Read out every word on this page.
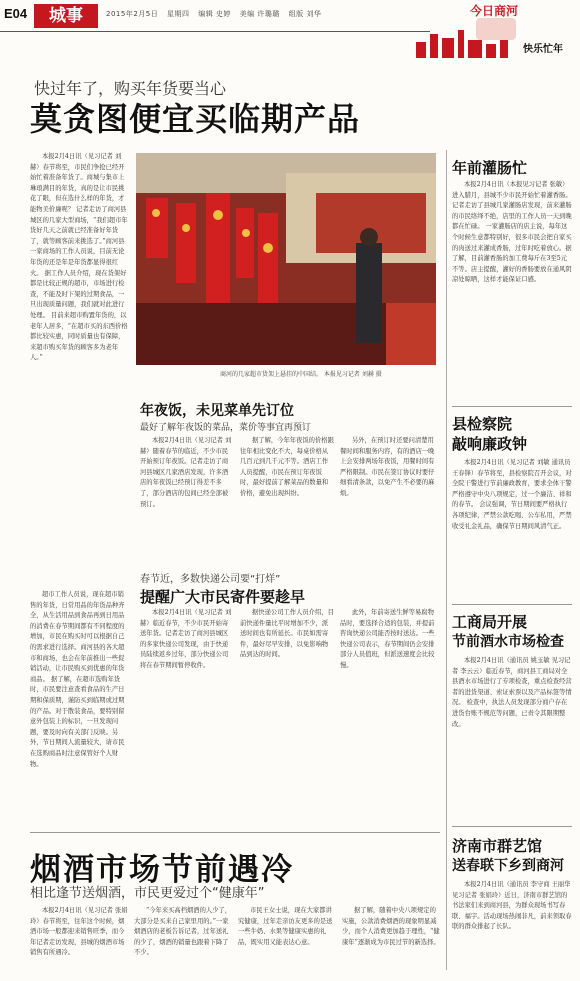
E04	城事	2015年2月5日 星期四 编辑 史婷 美编 许璐璐 组版 刘华	今日商河
快乐忙年
快过年了，购买年货要当心
莫贪图便宜买临期产品
商河的几家超市货架上悬挂的中国结。 本报见习记者 刘赫 摄

本报2月4日讯（见习记者 刘赫）春节将至，市民们争抢已经开始忙着准备年货了。商城与集市上琳琅满目的年货，真的是让市民挑花了眼，但在选什么样的年货，才能物美价廉呢？ 记者走访了商河县城区的几家大型商场，“我们超市年货好几天之前就已经准备好年货了，就等顾客前来挑选了。”商河县一家商场的工作人员说，目前无论年货的还是年是年货都显得很红火。 据工作人员介绍，现在货架好都是比较正规的超市，市场进行检查，不能及时下架的过期食品，一旦出现质量问题，我们就对此进行处理。 目前来超市购置年货的，以老年人居多，“在超市买的东西价格都比较实惠，同时质量也有保障，来超市购买年货的顾客多为老年人。”

超市工作人员说，现在超市销售的年货，日常用品的年货品种齐全，从生活用品到食品再到日用品的消费在春节期间都有不同程度的增加，市民在购买时可以根据自己的需求进行选择。商河县的各大超市和商场，也会在年前推出一些促销活动，让市民购买到优惠的年货商品。 据了解，在超市选购年货时，市民要注意查看食品的生产日期和保质期，谨防买到临期或过期的产品。对于散装食品，要特别留意外包装上的标识，一旦发现问题，要及时向有关部门反映。另外，节日期间人流量较大，请市民在选购商品时注意保管好个人财物。

年夜饭，未见菜单先订位
最好了解年夜饭的菜品，菜价等事宜再预订

本报2月4日讯（见习记者 刘赫）随着春节的临近，不少市民开始预订年夜饭。记者走访了商河县城区几家酒店发现，许多酒店的年夜饭已经预订得差不多了，部分酒店的包间已经全部被预订。

据了解，今年年夜饭的价格跟往年相比变化不大，每桌价格从几百元到几千元不等。酒店工作人员提醒，市民在预订年夜饭时，最好提前了解菜品的数量和价格，避免出现纠纷。

另外，在预订时还要问清楚用餐时间和服务内容，有的酒店一晚上会安排两场年夜饭，用餐时间有严格限制。市民在签订协议时要仔细看清条款，以免产生不必要的麻烦。

春节近，多数快递公司要“打烊”
提醒广大市民寄件要趁早

本报2月4日讯（见习记者 刘赫）临近春节，不少市民开始寄送年货。记者走访了商河县城区的多家快递公司发现，由于快递员陆续返乡过年，部分快递公司将在春节期间暂停收件。

据快递公司工作人员介绍，目前快递件量比平时增加不少，派送时间也有所延长。市民如需寄件，最好尽早安排，以免影响物品到达的时间。

此外，年前寄送生鲜等易腐物品时，要选择合适的包装，并提前咨询快递公司能否按时送达。一些快递公司表示，春节期间仍会安排部分人员值班，但派送速度会比较慢。

烟酒市场节前遇冷
相比逢节送烟酒，市民更爱过个“健康年”

本报2月4日讯（见习记者 张娟玲）春节将至，往年这个时候，烟酒市场一般都迎来销售旺季，而今年记者走访发现，县城的烟酒市场销售有所遇冷。

“今年来买高档烟酒的人少了，大部分是买来自己家里用的。”一家烟酒店的老板告诉记者，过年送礼的少了，烟酒的销量也跟着下降了不少。

市民王女士说，现在大家都讲究健康，过年走亲访友更多的是送一些牛奶、水果等健康实惠的礼品，既实用又能表达心意。

据了解，随着中央八项规定的实施，公款消费烟酒的现象明显减少，而个人消费更加趋于理性，“健康年”逐渐成为市民过节的新选择。

年前灌肠忙

本报2月4日讯（本报见习记者 张敏）进入腊月，县城不少市民开始忙着灌香肠。记者走访了县城几家灌肠店发现，前来灌肠的市民络绎不绝，店里的工作人员一天到晚都在忙碌。 一家灌肠店的店主说，每年这个时候生意都特别好，很多市民会把自家买的肉送过来灌成香肠，过年时吃着放心。据了解，目前灌香肠的加工费每斤在3至5元不等。店主提醒，灌好的香肠要放在通风阴凉处晾晒，这样才能保证口感。

县检察院
敲响廉政钟

本报2月4日讯（见习记者 刘敏 通讯员 王春锋）春节将至，县检察院召开会议，对全院干警进行节前廉政教育，要求全体干警严格遵守中央八项规定，过一个廉洁、祥和的春节。 会议强调，节日期间要严格执行各项纪律，严禁公款吃喝、公车私用，严禁收受礼金礼品，确保节日期间风清气正。

工商局开展
节前酒水市场检查

本报2月4日讯（通讯员 姚玉敏 见习记者 李云云）临近春节，商河县工商局对全县酒水市场进行了专项检查，重点检查经营者的进货渠道、索证索票以及产品标签等情况。 检查中，执法人员发现部分商户存在进货台账不规范等问题，已责令其限期整改。

济南市群艺馆
送春联下乡到商河

本报2月4日讯（通讯员 李守商 王丽华 见习记者 张娟玲）近日，济南市群艺馆的书法家们来到商河县，为群众现场书写春联、福字。活动现场热闹非凡，前来领取春联的群众排起了长队。
